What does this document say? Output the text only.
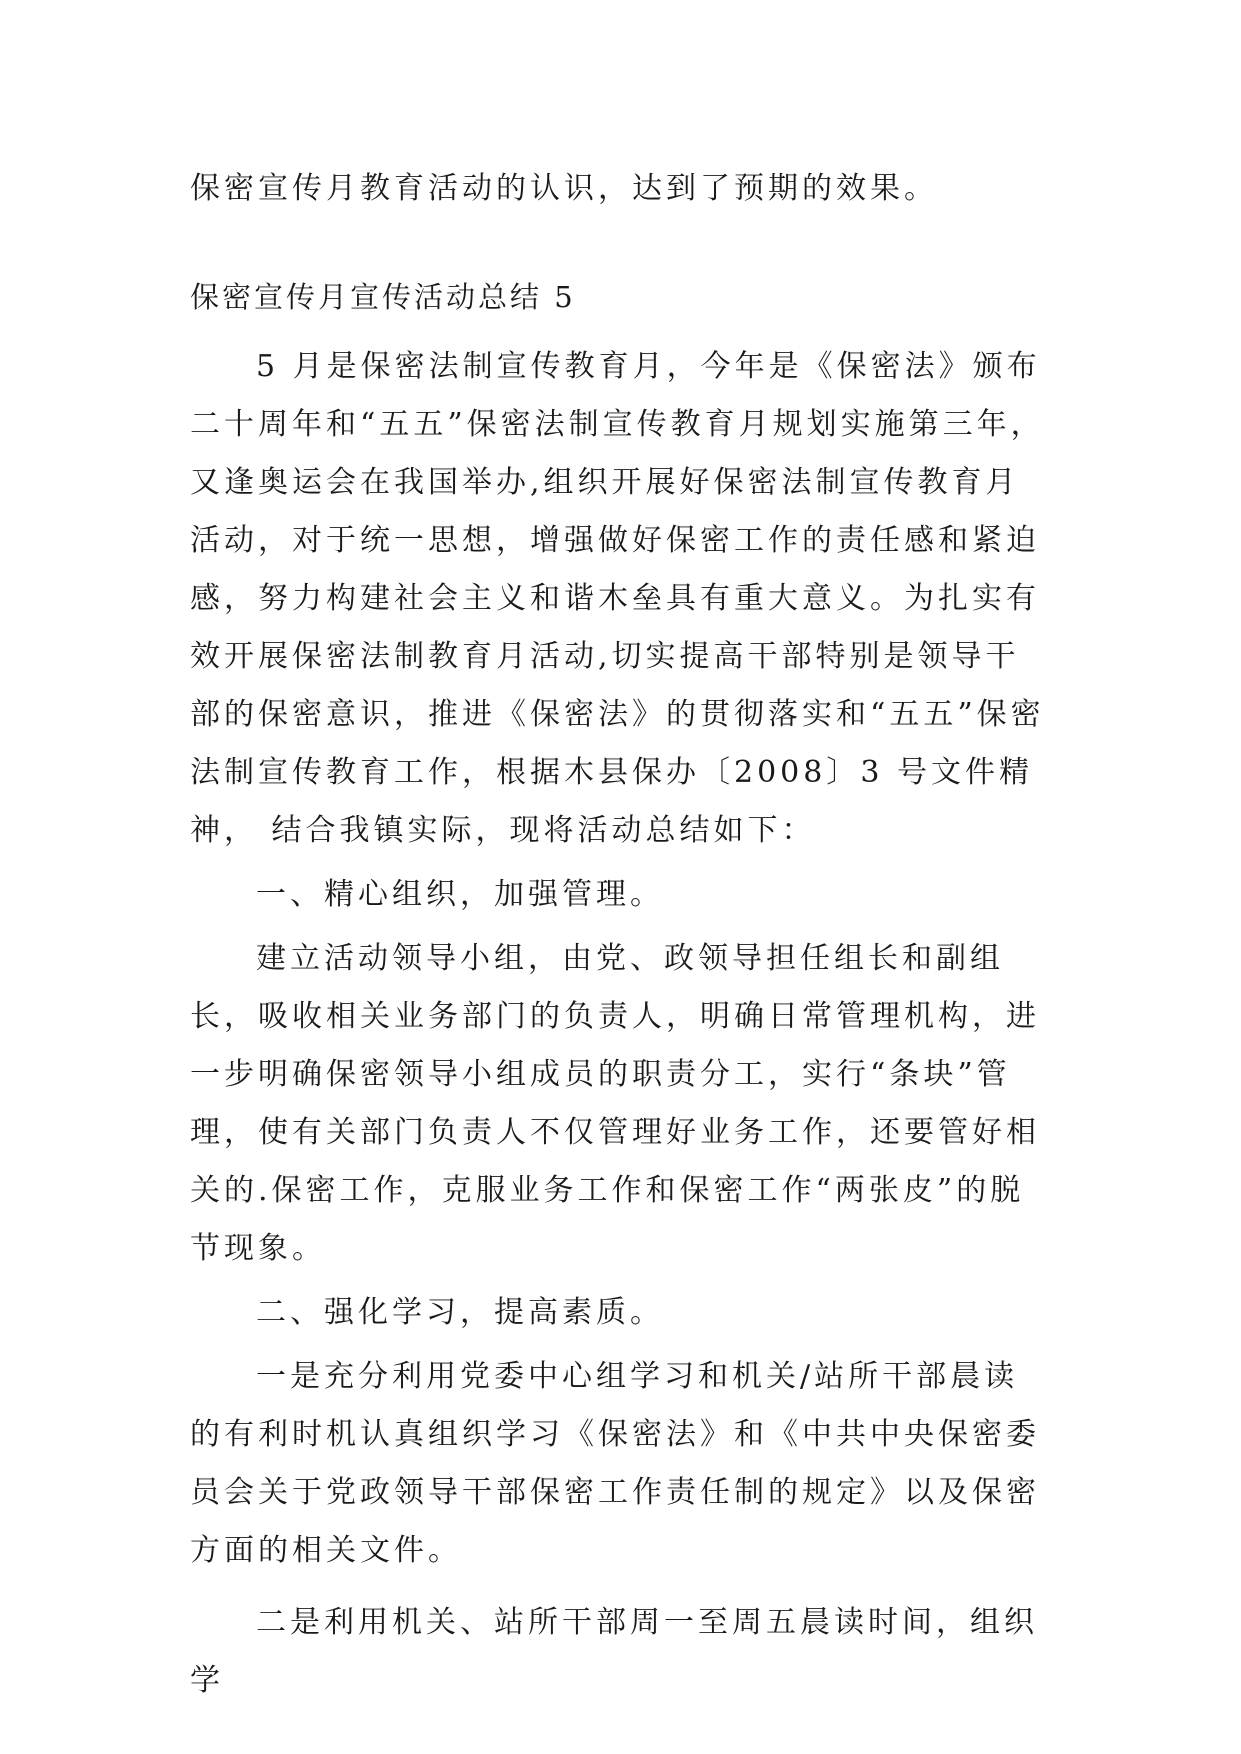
保密宣传月教育活动的认识，达到了预期的效果。
保密宣传月宣传活动总结 5

5 月是保密法制宣传教育月，今年是《保密法》颁布二十周年和“五五”保密法制宣传教育月规划实施第三年，又逢奥运会在我国举办,组织开展好保密法制宣传教育月活动，对于统一思想，增强做好保密工作的责任感和紧迫感，努力构建社会主义和谐木垒具有重大意义。为扎实有效开展保密法制教育月活动,切实提高干部特别是领导干部的保密意识，推进《保密法》的贯彻落实和“五五”保密法制宣传教育工作，根据木县保办〔2008〕3 号文件精神， 结合我镇实际，现将活动总结如下：

一、精心组织，加强管理。

建立活动领导小组，由党、政领导担任组长和副组长，吸收相关业务部门的负责人，明确日常管理机构，进一步明确保密领导小组成员的职责分工，实行“条块”管理，使有关部门负责人不仅管理好业务工作，还要管好相关的.保密工作，克服业务工作和保密工作“两张皮”的脱节现象。

二、强化学习，提高素质。

一是充分利用党委中心组学习和机关/站所干部晨读的有利时机认真组织学习《保密法》和《中共中央保密委员会关于党政领导干部保密工作责任制的规定》以及保密方面的相关文件。

二是利用机关、站所干部周一至周五晨读时间，组织学
